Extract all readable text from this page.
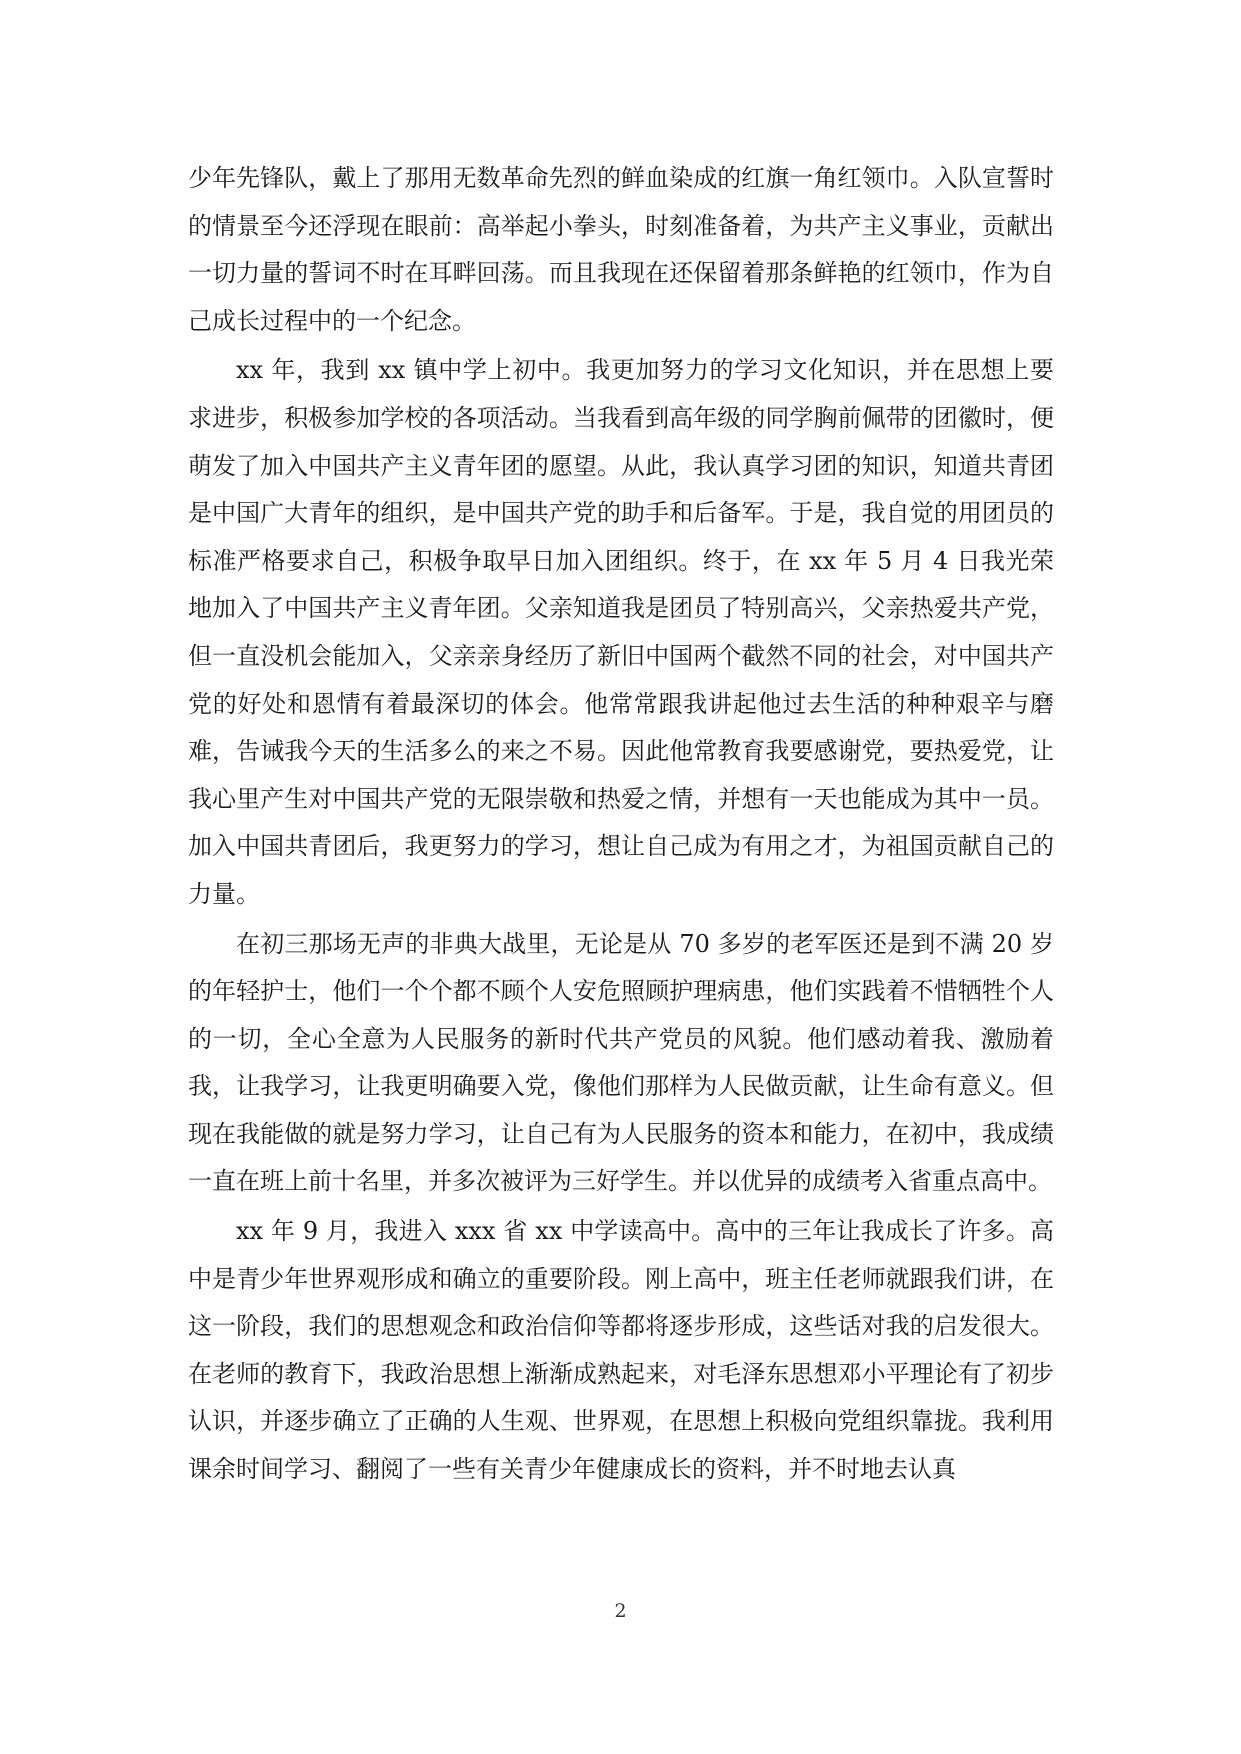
少年先锋队，戴上了那用无数革命先烈的鲜血染成的红旗一角红领巾。入队宣誓时的情景至今还浮现在眼前：高举起小拳头，时刻准备着，为共产主义事业，贡献出一切力量的誓词不时在耳畔回荡。而且我现在还保留着那条鲜艳的红领巾，作为自己成长过程中的一个纪念。

xx 年，我到 xx 镇中学上初中。我更加努力的学习文化知识，并在思想上要求进步，积极参加学校的各项活动。当我看到高年级的同学胸前佩带的团徽时，便萌发了加入中国共产主义青年团的愿望。从此，我认真学习团的知识，知道共青团是中国广大青年的组织，是中国共产党的助手和后备军。于是，我自觉的用团员的标准严格要求自己，积极争取早日加入团组织。终于，在 xx 年 5 月 4 日我光荣地加入了中国共产主义青年团。父亲知道我是团员了特别高兴，父亲热爱共产党，但一直没机会能加入，父亲亲身经历了新旧中国两个截然不同的社会，对中国共产党的好处和恩情有着最深切的体会。他常常跟我讲起他过去生活的种种艰辛与磨难，告诫我今天的生活多么的来之不易。因此他常教育我要感谢党，要热爱党，让我心里产生对中国共产党的无限崇敬和热爱之情，并想有一天也能成为其中一员。加入中国共青团后，我更努力的学习，想让自己成为有用之才，为祖国贡献自己的力量。

在初三那场无声的非典大战里，无论是从 70 多岁的老军医还是到不满 20 岁的年轻护士，他们一个个都不顾个人安危照顾护理病患，他们实践着不惜牺牲个人的一切，全心全意为人民服务的新时代共产党员的风貌。他们感动着我、激励着我，让我学习，让我更明确要入党，像他们那样为人民做贡献，让生命有意义。但现在我能做的就是努力学习，让自己有为人民服务的资本和能力，在初中，我成绩一直在班上前十名里，并多次被评为三好学生。并以优异的成绩考入省重点高中。

xx 年 9 月，我进入 xxx 省 xx 中学读高中。高中的三年让我成长了许多。高中是青少年世界观形成和确立的重要阶段。刚上高中，班主任老师就跟我们讲，在这一阶段，我们的思想观念和政治信仰等都将逐步形成，这些话对我的启发很大。在老师的教育下，我政治思想上渐渐成熟起来，对毛泽东思想邓小平理论有了初步认识，并逐步确立了正确的人生观、世界观，在思想上积极向党组织靠拢。我利用课余时间学习、翻阅了一些有关青少年健康成长的资料，并不时地去认真

2
